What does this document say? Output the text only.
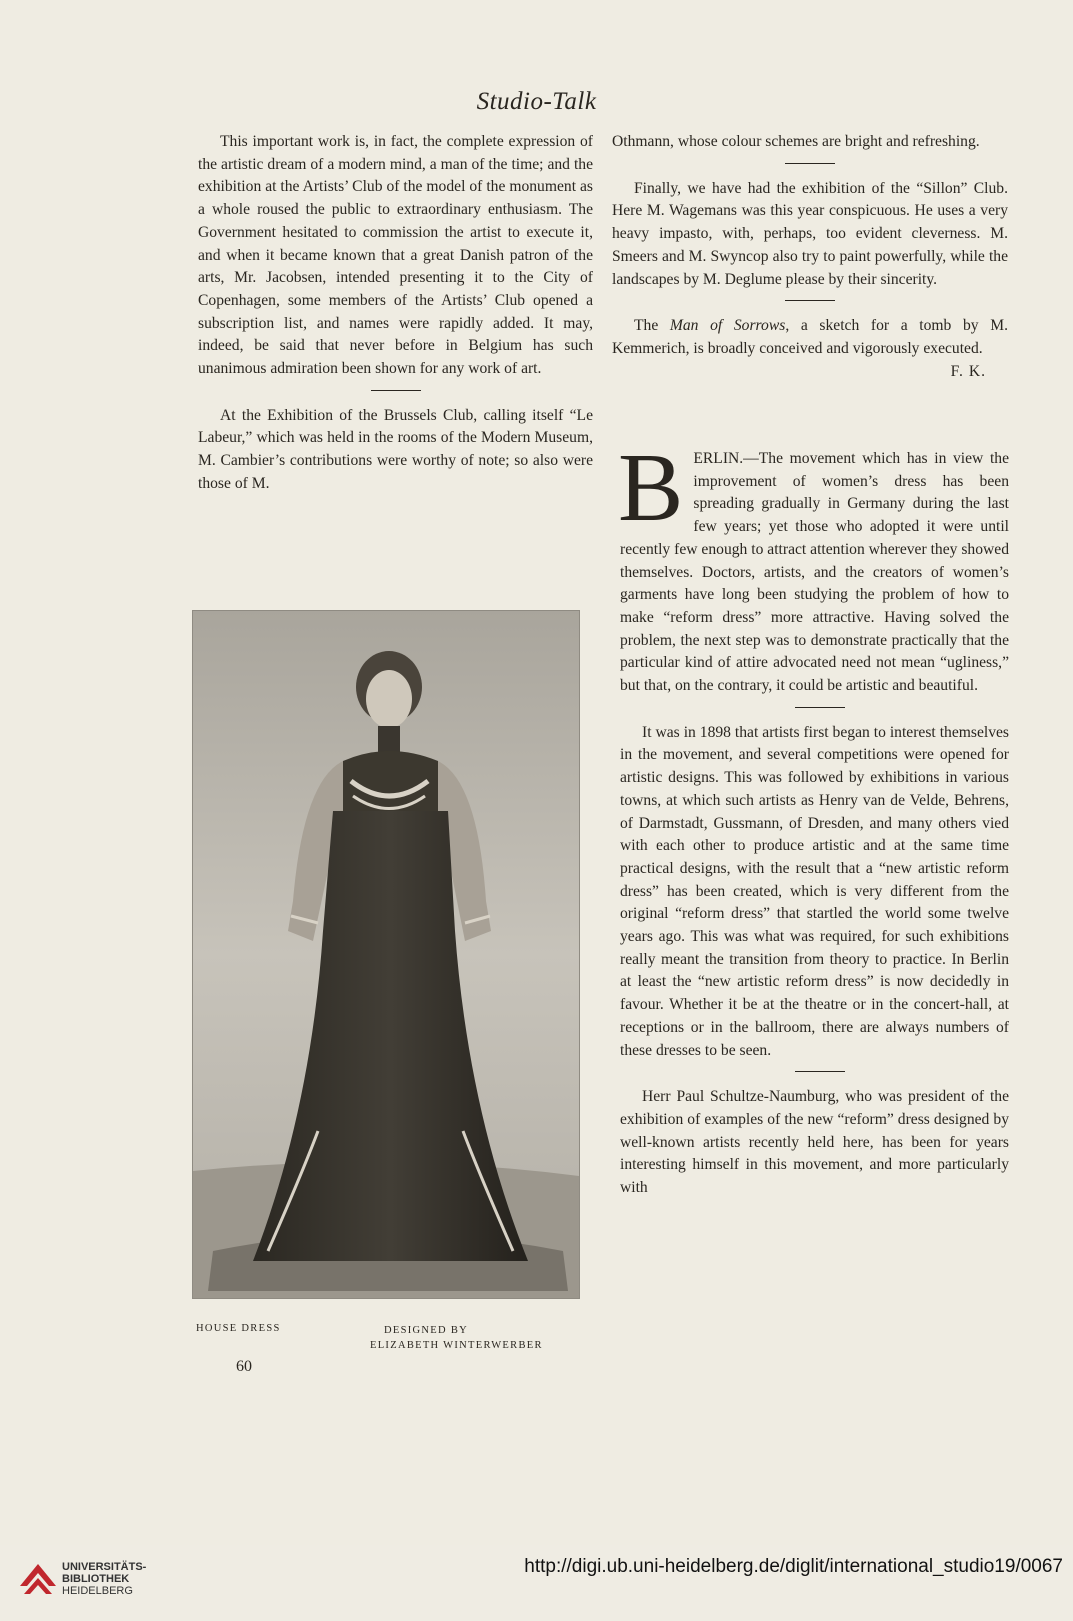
Studio-Talk

This important work is, in fact, the complete expression of the artistic dream of a modern mind, a man of the time; and the exhibition at the Artists’ Club of the model of the monument as a whole roused the public to extraordinary enthusiasm. The Government hesitated to commission the artist to execute it, and when it became known that a great Danish patron of the arts, Mr. Jacobsen, intended presenting it to the City of Copenhagen, some members of the Artists’ Club opened a subscription list, and names were rapidly added. It may, indeed, be said that never before in Belgium has such unanimous admiration been shown for any work of art.

At the Exhibition of the Brussels Club, calling itself “Le Labeur,” which was held in the rooms of the Modern Museum, M. Cambier’s contributions were worthy of note; so also were those of M.

Othmann, whose colour schemes are bright and refreshing.

Finally, we have had the exhibition of the “Sillon” Club. Here M. Wagemans was this year conspicuous. He uses a very heavy impasto, with, perhaps, too evident cleverness. M. Smeers and M. Swyncop also try to paint powerfully, while the landscapes by M. Deglume please by their sincerity.

The Man of Sorrows, a sketch for a tomb by M. Kemmerich, is broadly conceived and vigorously executed.

F. K.

BERLIN.—The movement which has in view the improvement of women’s dress has been spreading gradually in Germany during the last few years; yet those who adopted it were until recently few enough to attract attention wherever they showed themselves. Doctors, artists, and the creators of women’s garments have long been studying the problem of how to make “reform dress” more attractive. Having solved the problem, the next step was to demonstrate practically that the particular kind of attire advocated need not mean “ugliness,” but that, on the contrary, it could be artistic and beautiful.

It was in 1898 that artists first began to interest themselves in the movement, and several competitions were opened for artistic designs. This was followed by exhibitions in various towns, at which such artists as Henry van de Velde, Behrens, of Darmstadt, Gussmann, of Dresden, and many others vied with each other to produce artistic and at the same time practical designs, with the result that a “new artistic reform dress” has been created, which is very different from the original “reform dress” that startled the world some twelve years ago. This was what was required, for such exhibitions really meant the transition from theory to practice. In Berlin at least the “new artistic reform dress” is now decidedly in favour. Whether it be at the theatre or in the concert-hall, at receptions or in the ballroom, there are always numbers of these dresses to be seen.

Herr Paul Schultze-Naumburg, who was president of the exhibition of examples of the new “reform” dress designed by well-known artists recently held here, has been for years interesting himself in this movement, and more particularly with

HOUSE DRESS	DESIGNED BY
ELIZABETH WINTERWERBER
60
UNIVERSITÄTS-
BIBLIOTHEK
HEIDELBERG
http://digi.ub.uni-heidelberg.de/diglit/international_studio19/0067
